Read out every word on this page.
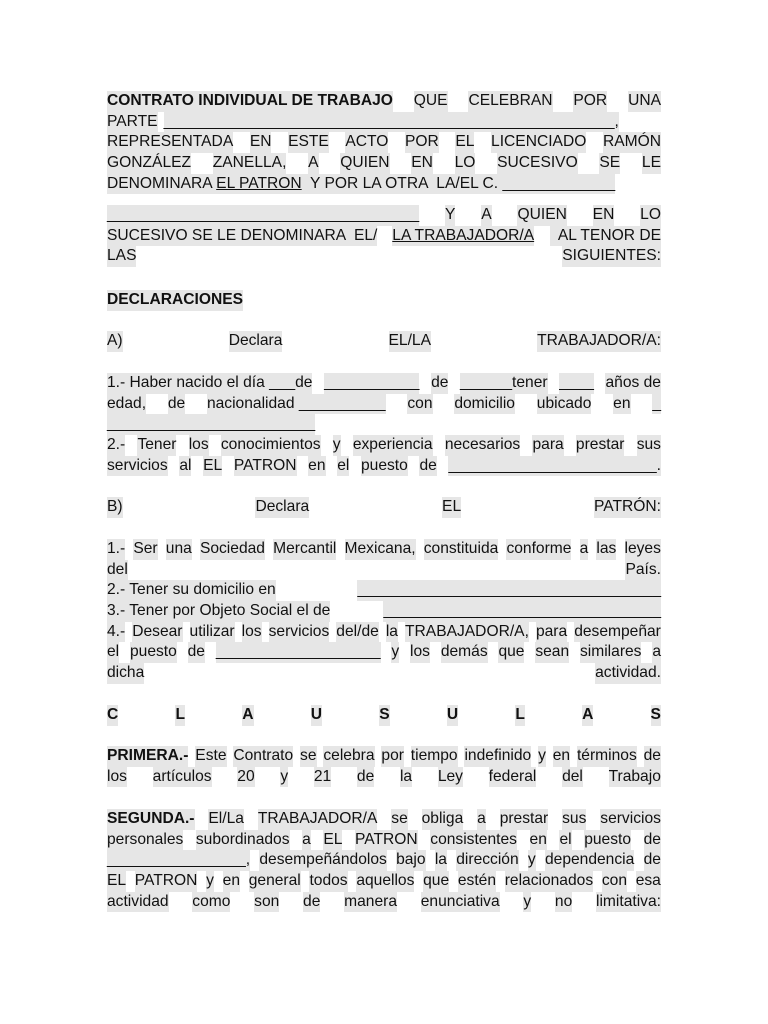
CONTRATO INDIVIDUAL DE TRABAJO QUE CELEBRAN POR UNA
PARTE ____________________________________________________,
REPRESENTADA EN ESTE ACTO POR EL LICENCIADO RAMÓN
GONZÁLEZ ZANELLA, A QUIEN EN LO SUCESIVO SE LE
DENOMINARA EL PATRON Y POR LA OTRA  LA/EL C. _____________
____________________________________ Y A QUIEN EN LO
SUCESIVO SE LE DENOMINARA  EL/ LA TRABAJADOR/A AL TENOR DE
LAS	SIGUIENTES:
DECLARACIONES
A)	Declara	EL/LA	TRABAJADOR/A:
1.- Haber nacido el día ___de ___________ de ______tener ____ años de
edad, de nacionalidad __________ con domicilio ubicado en _
________________________
2.- Tener los conocimientos y experiencia necesarios para prestar sus
servicios al EL PATRON en el puesto de ________________________.
B)	Declara	EL	PATRÓN:
1.- Ser una Sociedad Mercantil Mexicana, constituida conforme a las leyes
del	País.
2.- Tener su domicilio en	___________________________________
3.- Tener por Objeto Social el de	________________________________
4.- Desear utilizar los servicios del/de la TRABAJADOR/A, para desempeñar
el puesto de ___________________ y los demás que sean similares a
dicha	actividad.
C	L	A	U	S	U	L	A	S
PRIMERA.- Este Contrato se celebra por tiempo indefinido y en términos de
los artículos 20 y 21 de la Ley federal del Trabajo
SEGUNDA.- El/La TRABAJADOR/A se obliga a prestar sus servicios
personales subordinados a EL PATRON consistentes en el puesto de
________________, desempeñándolos bajo la dirección y dependencia de
EL PATRON y en general todos aquellos que estén relacionados con esa
actividad como son de manera enunciativa y no limitativa:
